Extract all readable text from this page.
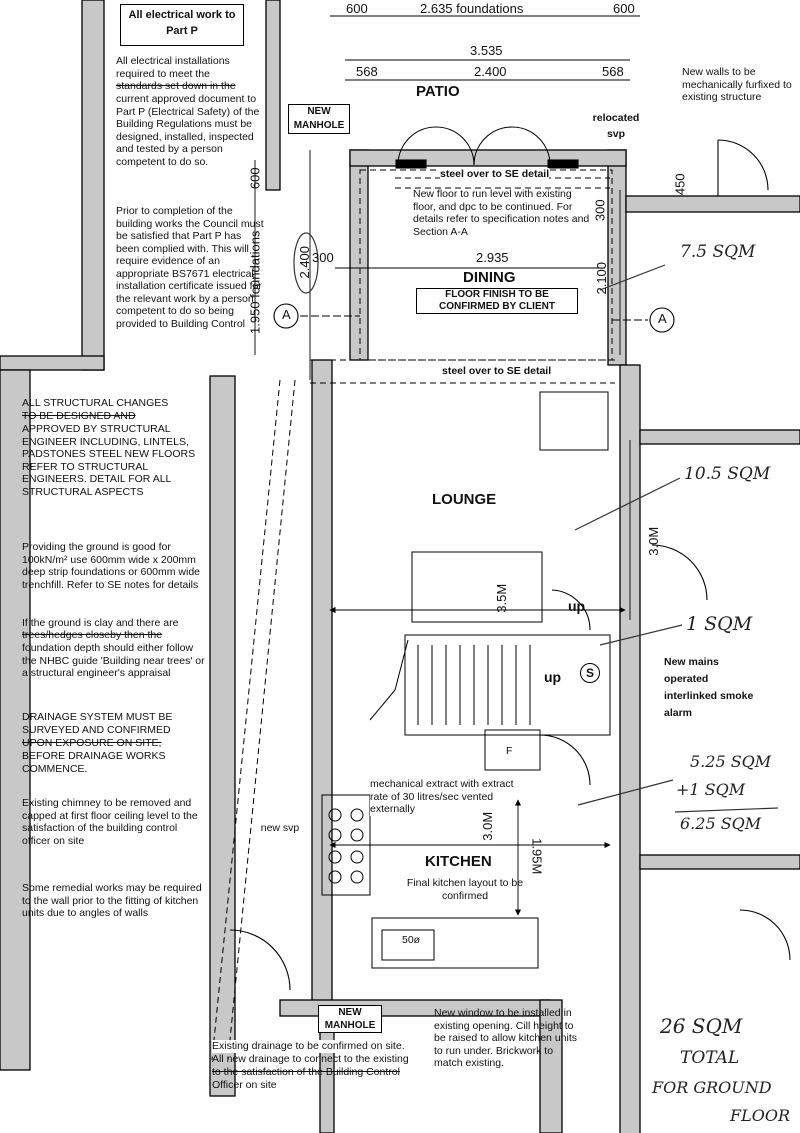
All electrical work to Part P
All electrical installations required to meet the
standards set down in the
current approved document to Part P (Electrical Safety) of the Building Regulations must be designed, installed, inspected and tested by a person competent to do so.
Prior to completion of the building works the Council must be satisfied that Part P has been complied with. This will require evidence of an appropriate BS7671 electrical installation certificate issued for the relevant work by a person competent to do so being provided to Building Control
ALL STRUCTURAL CHANGES
TO BE DESIGNED AND
APPROVED BY STRUCTURAL ENGINEER INCLUDING, LINTELS, PADSTONES STEEL NEW FLOORS REFER TO STRUCTURAL ENGINEERS. DETAIL FOR ALL STRUCTURAL ASPECTS
Providing the ground is good for 100kN/m² use 600mm wide x 200mm deep strip foundations or 600mm wide trenchfill. Refer to SE notes for details
If the ground is clay and there are
trees/hedges closeby then the
foundation depth should either follow the NHBC guide 'Building near trees' or a structural engineer's appraisal
DRAINAGE SYSTEM MUST BE SURVEYED AND CONFIRMED
UPON EXPOSURE ON SITE,
BEFORE DRAINAGE WORKS COMMENCE.
Existing chimney to be removed and capped at first floor ceiling level to the satisfaction of the building control officer on site
Some remedial works may be required to the wall prior to the fitting of kitchen units due to angles of walls
New walls to be mechanically furfixed to existing structure
relocated svp
NEW MANHOLE
steel over to SE detail
New floor to run level with existing floor, and dpc to be continued. For details refer to specification notes and Section A-A
FLOOR FINISH TO BE CONFIRMED BY CLIENT
steel over to SE detail
New mains operated interlinked smoke alarm
mechanical extract with extract rate of 30 litres/sec vented externally
Final kitchen layout to be confirmed
new svp
NEW MANHOLE
New window to be installed in existing opening. Cill height to be raised to allow kitchen units to run under. Brickwork to match existing.
Existing drainage to be confirmed on site.
All new drainage to connect to the existing
to the satisfaction of the Building Control
Officer on site
PATIO
DINING
LOUNGE
KITCHEN
600	2.635 foundations	600
3.535
568	2.400	568
2.935
2.100
300
450
600
1.950 foundations	2.400 300
3.5M
3.0M
3.0M
1.95M
A	A
up
up	S
F
50ø
7.5 SQM
10.5 SQM
1 SQM
5.25 SQM
+1 SQM
6.25 SQM
26 SQM
TOTAL
FOR GROUND
FLOOR
